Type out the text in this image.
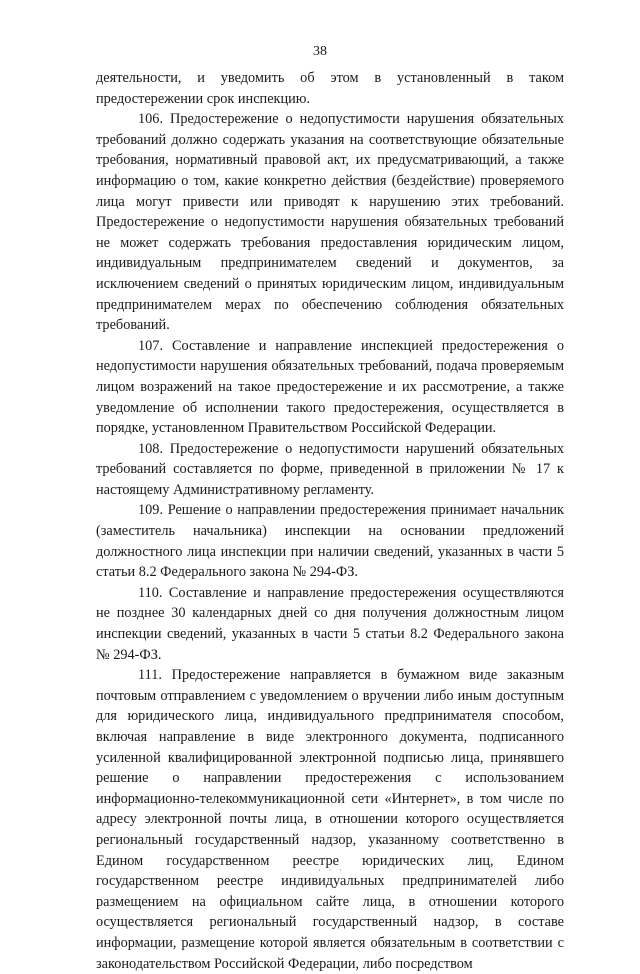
38

деятельности, и уведомить об этом в установленный в таком предостережении срок инспекцию.

106. Предостережение о недопустимости нарушения обязательных требований должно содержать указания на соответствующие обязательные требования, нормативный правовой акт, их предусматривающий, а также информацию о том, какие конкретно действия (бездействие) проверяемого лица могут привести или приводят к нарушению этих требований. Предостережение о недопустимости нарушения обязательных требований не может содержать требования предоставления юридическим лицом, индивидуальным предпринимателем сведений и документов, за исключением сведений о принятых юридическим лицом, индивидуальным предпринимателем мерах по обеспечению соблюдения обязательных требований.

107. Составление и направление инспекцией предостережения о недопустимости нарушения обязательных требований, подача проверяемым лицом возражений на такое предостережение и их рассмотрение, а также уведомление об исполнении такого предостережения, осуществляется в порядке, установленном Правительством Российской Федерации.

108. Предостережение о недопустимости нарушений обязательных требований составляется по форме, приведенной в приложении № 17 к настоящему Административному регламенту.

109. Решение о направлении предостережения принимает начальник (заместитель начальника) инспекции на основании предложений должностного лица инспекции при наличии сведений, указанных в части 5 статьи 8.2 Федерального закона № 294-ФЗ.

110. Составление и направление предостережения осуществляются не позднее 30 календарных дней со дня получения должностным лицом инспекции сведений, указанных в части 5 статьи 8.2 Федерального закона № 294-ФЗ.

111. Предостережение направляется в бумажном виде заказным почтовым отправлением с уведомлением о вручении либо иным доступным для юридического лица, индивидуального предпринимателя способом, включая направление в виде электронного документа, подписанного усиленной квалифицированной электронной подписью лица, принявшего решение о направлении предостережения с использованием информационно-телекоммуникационной сети «Интернет», в том числе по адресу электронной почты лица, в отношении которого осуществляется региональный государственный надзор, указанному соответственно в Едином государственном реестре юридических лиц, Едином государственном реестре индивидуальных предпринимателей либо размещением на официальном сайте лица, в отношении которого осуществляется региональный государственный надзор, в составе информации, размещение которой является обязательным в соответствии с законодательством Российской Федерации, либо посредством

· · ·
